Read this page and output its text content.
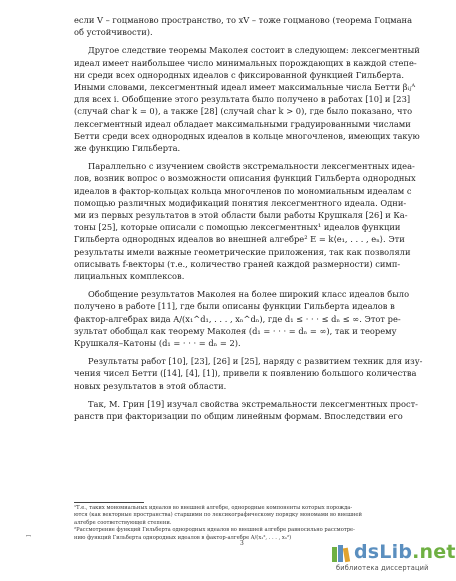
если V – гоцманово пространство, то xV – тоже гоцманово (теорема Гоцмана
об устойчивости).
Другое следствие теоремы Маколея состоит в следующем: лексегментный
идеал имеет наибольшее число минимальных порождающих в каждой степе-
ни среди всех однородных идеалов с фиксированной функцией Гильберта.
Иными словами, лексегментный идеал имеет максимальные числа Бетти βᵢⱼᴬ
для всех i. Обобщение этого результата было получено в работах [10] и [23]
(случай char k = 0), а также [28] (случай char k > 0), где было показано, что
лексегментный идеал обладает максимальными градуированными числами
Бетти среди всех однородных идеалов в кольце многочленов, имеющих такую
же функцию Гильберта.
Параллельно с изучением свойств экстремальности лексегментных идеа-
лов, возник вопрос о возможности описания функций Гильберта однородных
идеалов в фактор-кольцах кольца многочленов по мономиальным идеалам с
помощью различных модификаций понятия лексегментного идеала. Одни-
ми из первых результатов в этой области были работы Крушкаля [26] и Ка-
тоны [25], которые описали с помощью лексегментных¹ идеалов функции
Гильберта однородных идеалов во внешней алгебре² E = k⟨e₁, . . . , eₙ⟩. Эти
результаты имели важные геометрические приложения, так как позволяли
описывать f-векторы (т.е., количество граней каждой размерности) симп-
лициальных комплексов.
Обобщение результатов Маколея на более широкий класс идеалов было
получено в работе [11], где были описаны функции Гильберта идеалов в
фактор-алгебрах вида A/(x₁^d₁, . . . , xₙ^dₙ), где d₁ ≤ · · · ≤ dₙ ≤ ∞. Этот ре-
зультат обобщал как теорему Маколея (d₁ = · · · = dₙ = ∞), так и теорему
Крушкаля–Катоны (d₁ = · · · = dₙ = 2).
Результаты работ [10], [23], [26] и [25], наряду с развитием техник для изу-
чения чисел Бетти ([14], [4], [1]), привели к появлению большого количества
новых результатов в этой области.
Так, М. Грин [19] изучал свойства экстремальности лексегментных прост-
ранств при факторизации по общим линейным формам. Впоследствии его
¹Т.е., таких мономиальных идеалов во внешней алгебре, однородные компоненты которых порожда-
ются (как векторные пространства) старшими по лексикографическому порядку мономами во внешней
алгебре соответствующей степени.
²Рассмотрение функций Гильберта однородных идеалов во внешней алгебре равносильно рассмотре-
нию функций Гильберта однородных идеалов в фактор-алгебре A/(x₁², . . . , xₙ²)
ꟷ
3	dsLib.net
библиотека диссертаций
